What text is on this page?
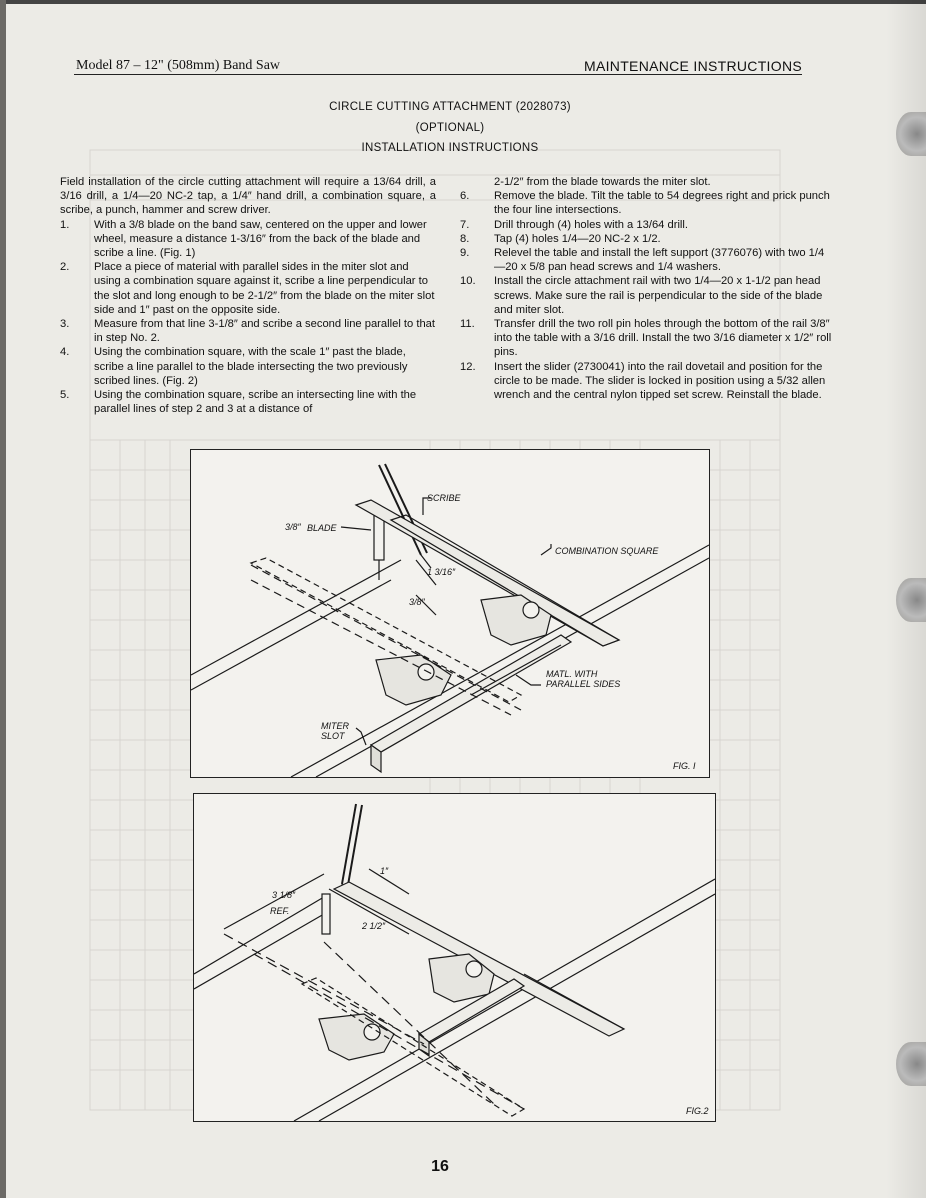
Model 87 – 12" (508mm) Band Saw	MAINTENANCE INSTRUCTIONS
CIRCLE CUTTING ATTACHMENT (2028073)
(OPTIONAL)
INSTALLATION INSTRUCTIONS

Field installation of the circle cutting attachment will require a 13/64 drill, a 3/16 drill, a 1/4—20 NC-2 tap, a 1/4″ hand drill, a combination square, a scribe, a punch, hammer and screw driver.

1. With a 3/8 blade on the band saw, centered on the upper and lower wheel, measure a distance 1-3/16″ from the back of the blade and scribe a line. (Fig. 1)
2. Place a piece of material with parallel sides in the miter slot and using a combination square against it, scribe a line perpendicular to the slot and long enough to be 2-1/2″ from the blade on the miter slot side and 1″ past on the opposite side.
3. Measure from that line 3-1/8″ and scribe a second line parallel to that in step No. 2.
4. Using the combination square, with the scale 1″ past the blade, scribe a line parallel to the blade intersecting the two previously scribed lines. (Fig. 2)
5. Using the combination square, scribe an intersecting line with the parallel lines of step 2 and 3 at a distance of

2-1/2″ from the blade towards the miter slot.

6. Remove the blade. Tilt the table to 54 degrees right and prick punch the four line intersections.
7. Drill through (4) holes with a 13/64 drill.
8. Tap (4) holes 1/4—20 NC-2 x 1/2.
9. Relevel the table and install the left support (3776076) with two 1/4—20 x 5/8 pan head screws and 1/4 washers.
10. Install the circle attachment rail with two 1/4—20 x 1-1/2 pan head screws. Make sure the rail is perpendicular to the side of the blade and miter slot.
11. Transfer drill the two roll pin holes through the bottom of the rail 3/8″ into the table with a 3/16 drill. Install the two 3/16 diameter x 1/2″ roll pins.
12. Insert the slider (2730041) into the rail dovetail and position for the circle to be made. The slider is locked in position using a 5/32 allen wrench and the central nylon tipped set screw. Reinstall the blade.
SCRIBE
3/8″ BLADE
COMBINATION SQUARE
1 3/16″
3/8″
MATL. WITH
PARALLEL SIDES
MITER
SLOT
FIG. I
3 1/8″
REF.
1″
2 1/2″
FIG.2
16
